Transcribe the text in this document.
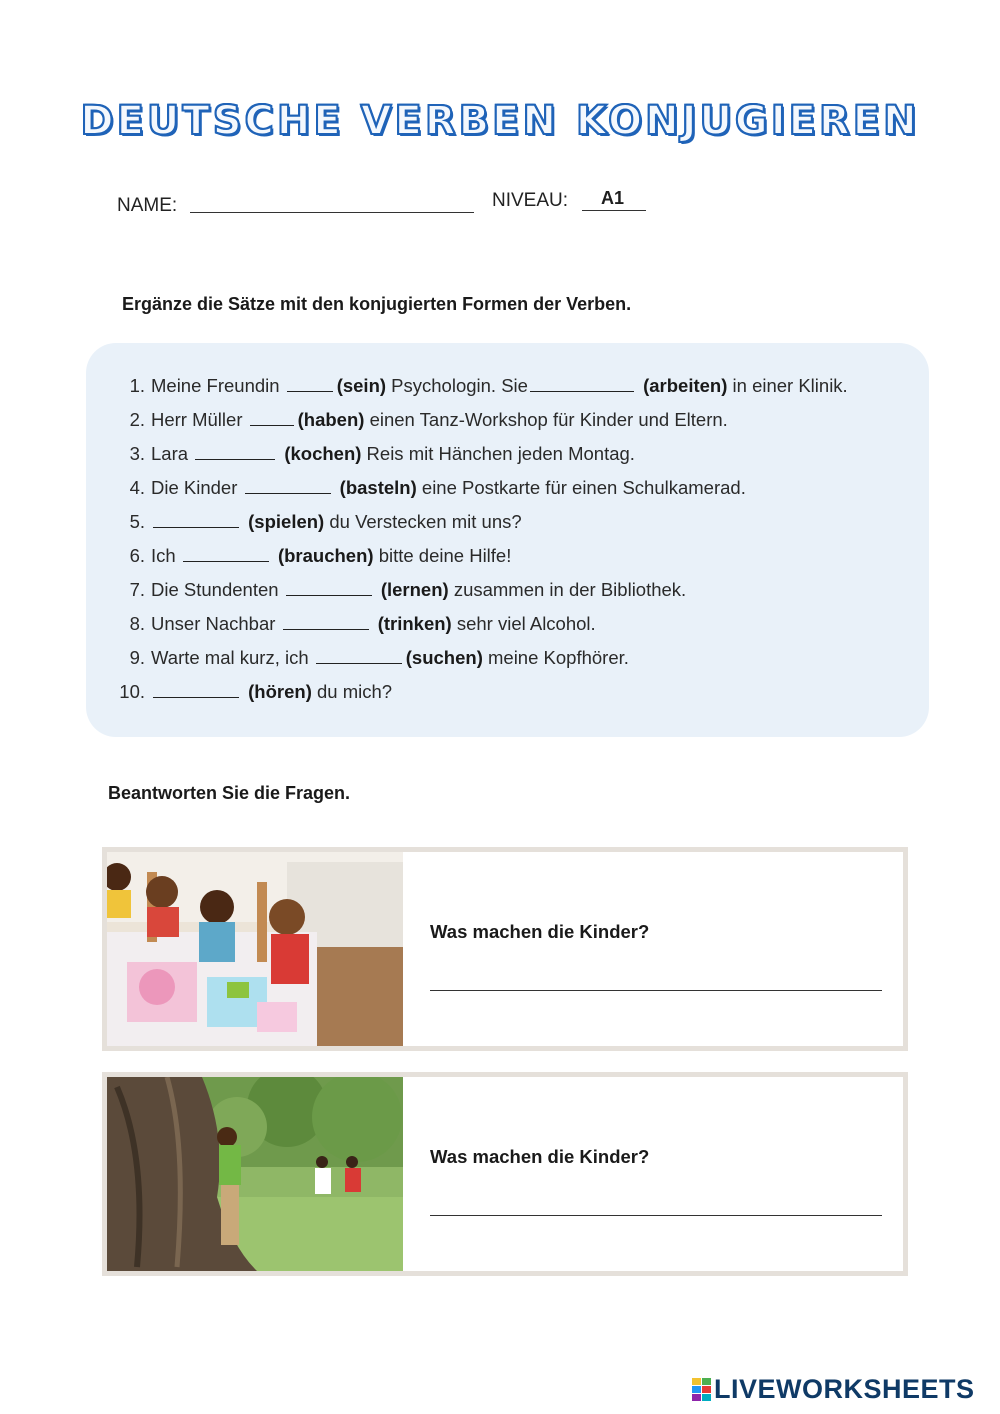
DEUTSCHE VERBEN KONJUGIEREN
NAME:	NIVEAU: A1
Ergänze die Sätze mit den konjugierten Formen der Verben.
1. Meine Freundin	(sein) Psychologin. Sie	(arbeiten) in einer Klinik.
2. Herr Müller	(haben) einen Tanz-Workshop für Kinder und Eltern.
3. Lara	(kochen) Reis mit Hänchen jeden Montag.
4. Die Kinder	(basteln) eine Postkarte für einen Schulkamerad.
5.	(spielen) du Verstecken mit uns?
6. Ich	(brauchen) bitte deine Hilfe!
7. Die Stundenten	(lernen) zusammen in der Bibliothek.
8. Unser Nachbar	(trinken) sehr viel Alcohol.
9. Warte mal kurz, ich	(suchen) meine Kopfhörer.
10.	(hören) du mich?
Beantworten Sie die Fragen.
Was machen die Kinder?
Was machen die Kinder?
LIVEWORKSHEETS
